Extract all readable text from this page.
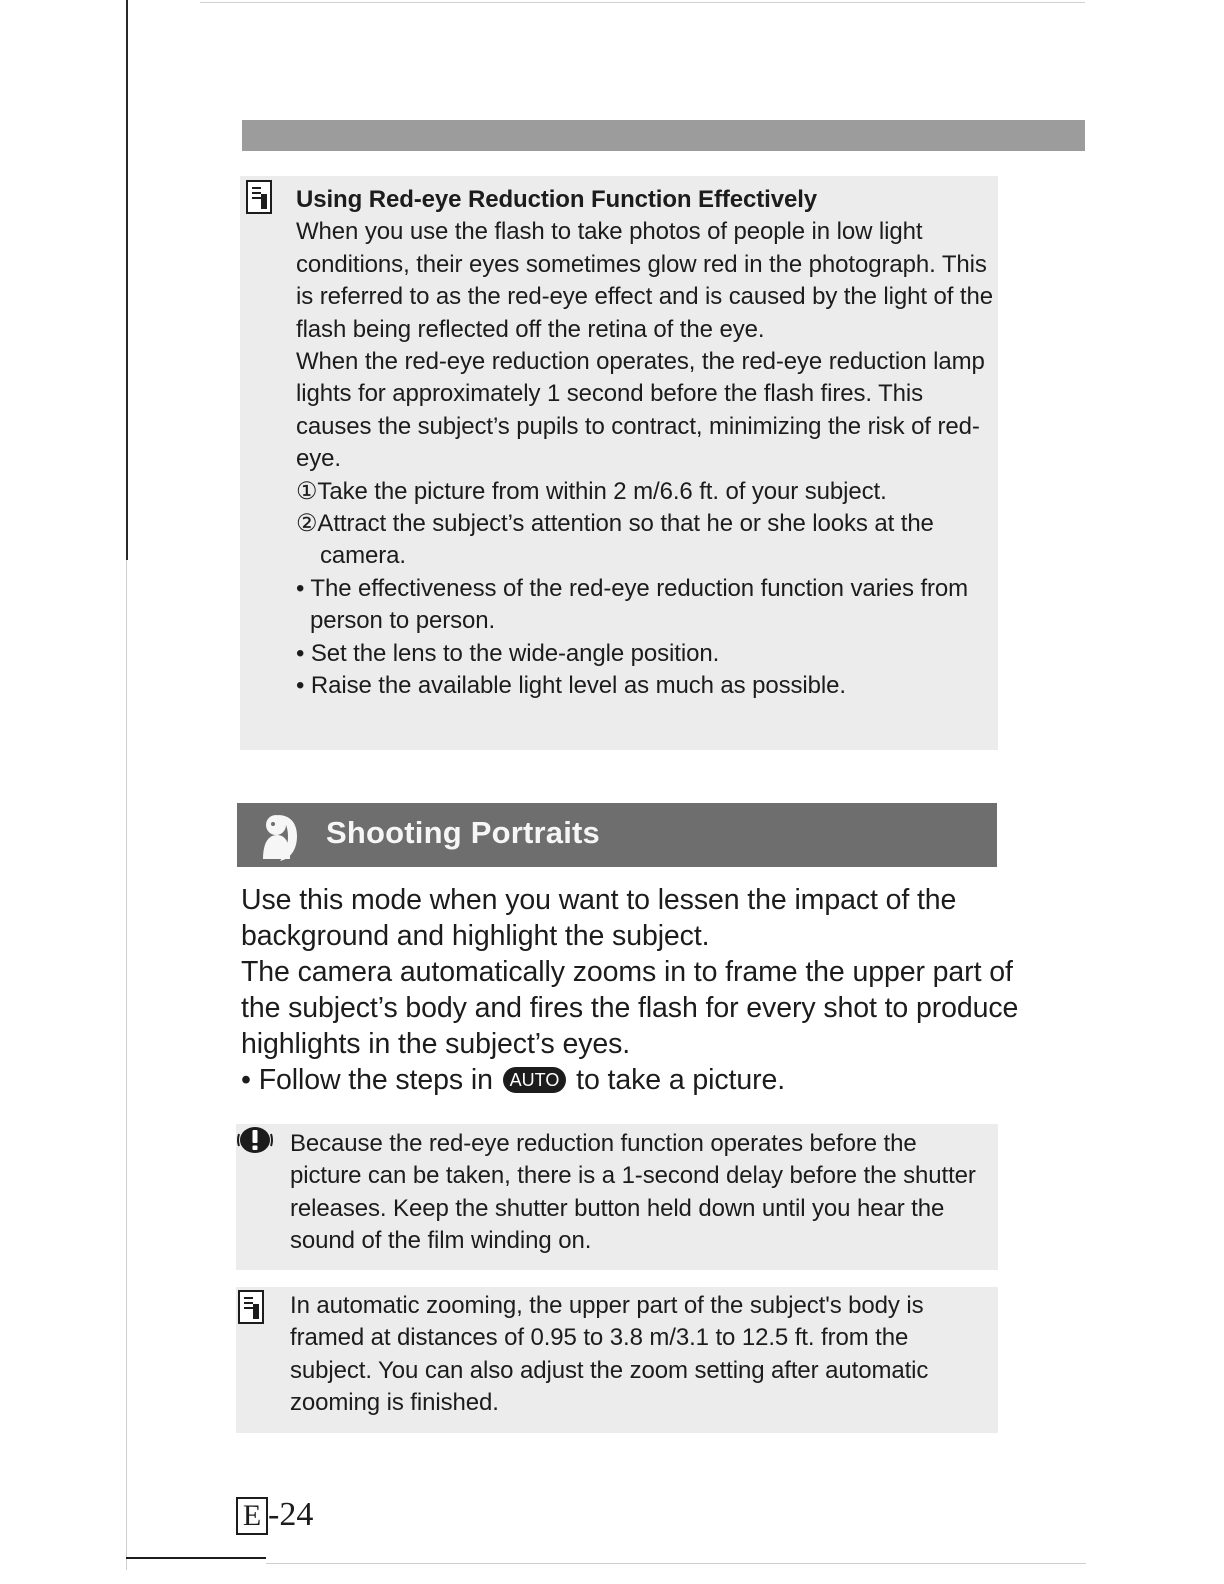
Using Red-eye Reduction Function Effectively

When you use the flash to take photos of people in low light conditions, their eyes sometimes glow red in the photograph. This is referred to as the red-eye effect and is caused by the light of the flash being reflected off the retina of the eye.

When the red-eye reduction operates, the red-eye reduction lamp lights for approximately 1 second before the flash fires. This causes the subject’s pupils to contract, minimizing the risk of red-eye.

①Take the picture from within 2 m/6.6 ft. of your subject.

②Attract the subject’s attention so that he or she looks at the camera.

• The effectiveness of the red-eye reduction function varies from person to person.

• Set the lens to the wide-angle position.

• Raise the available light level as much as possible.

Shooting Portraits

Use this mode when you want to lessen the impact of the background and highlight the subject.

The camera automatically zooms in to frame the upper part of the subject’s body and fires the flash for every shot to produce highlights in the subject’s eyes.

• Follow the steps in AUTO to take a picture.

Because the red-eye reduction function operates before the picture can be taken, there is a 1-second delay before the shutter releases. Keep the shutter button held down until you hear the sound of the film winding on.
In automatic zooming, the upper part of the subject's body is framed at distances of 0.95 to 3.8 m/3.1 to 12.5 ft. from the subject. You can also adjust the zoom setting after automatic zooming is finished.
E -24
